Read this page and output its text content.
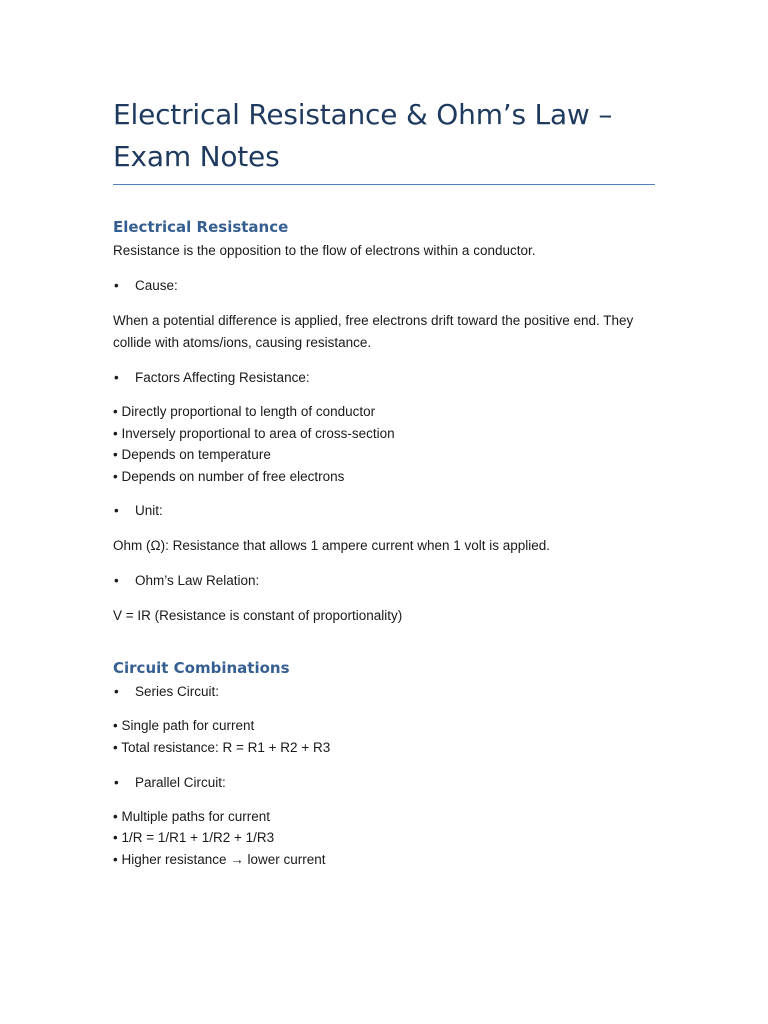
Electrical Resistance & Ohm’s Law –
Exam Notes
Electrical Resistance

Resistance is the opposition to the flow of electrons within a conductor.

• Cause:

When a potential difference is applied, free electrons drift toward the positive end. They collide with atoms/ions, causing resistance.

• Factors Affecting Resistance:
• Directly proportional to length of conductor
• Inversely proportional to area of cross-section
• Depends on temperature
• Depends on number of free electrons
• Unit:

Ohm (Ω): Resistance that allows 1 ampere current when 1 volt is applied.

• Ohm’s Law Relation:

V = IR (Resistance is constant of proportionality)

Circuit Combinations
• Series Circuit:
• Single path for current
• Total resistance: R = R1 + R2 + R3
• Parallel Circuit:
• Multiple paths for current
• 1/R = 1/R1 + 1/R2 + 1/R3
• Higher resistance → lower current
